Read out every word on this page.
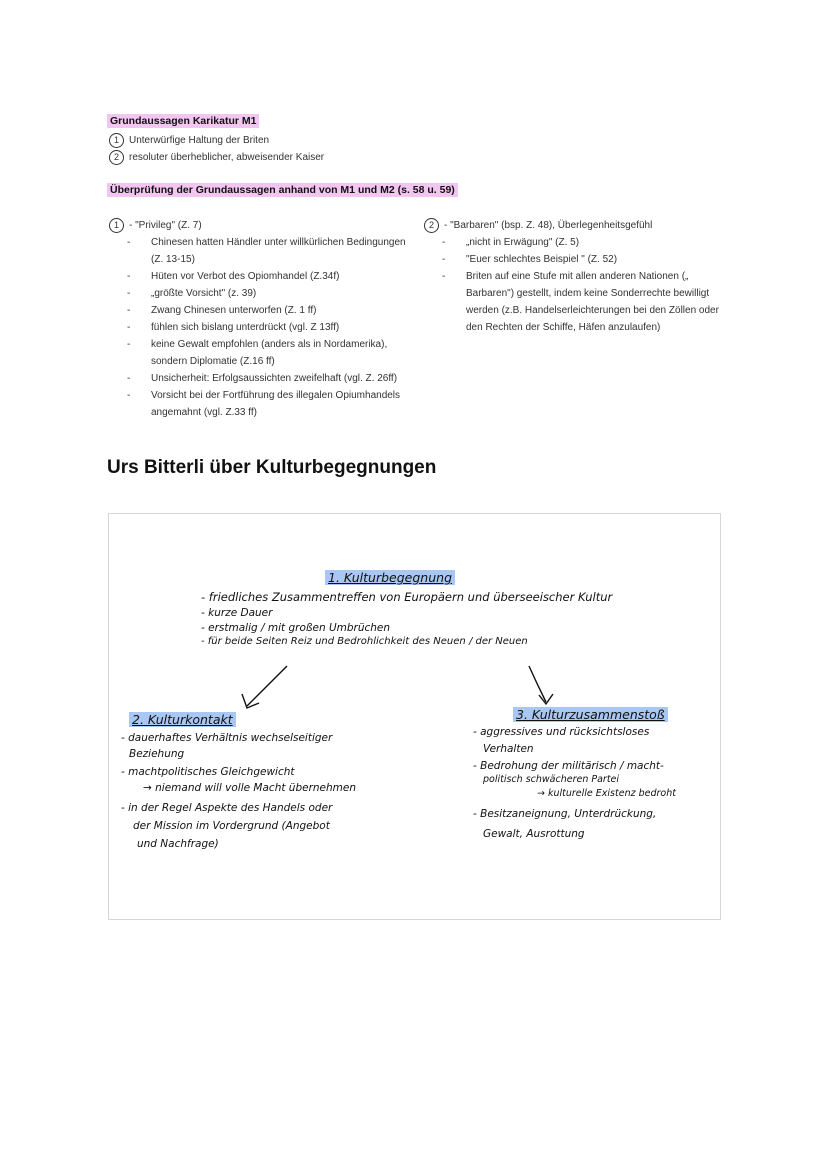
Grundaussagen Karikatur M1
1 Unterwürfige Haltung der Briten
2 resoluter überheblicher, abweisender Kaiser
Überprüfung der Grundaussagen anhand von M1 und M2 (s. 58 u. 59)
1 - "Privileg" (Z. 7)
- Chinesen hatten Händler unter willkürlichen Bedingungen (Z. 13-15)
- Hüten vor Verbot des Opiomhandel (Z.34f)
- „größte Vorsicht" (z. 39)
- Zwang Chinesen unterworfen (Z. 1 ff)
- fühlen sich bislang unterdrückt (vgl. Z 13ff)
- keine Gewalt empfohlen (anders als in Nordamerika), sondern Diplomatie (Z.16 ff)
- Unsicherheit: Erfolgsaussichten zweifelhaft (vgl. Z. 26ff)
- Vorsicht bei der Fortführung des illegalen Opiumhandels angemahnt (vgl. Z.33 ff)
2 - "Barbaren" (bsp. Z. 48), Überlegenheitsgefühl
- „nicht in Erwägung" (Z. 5)
- "Euer schlechtes Beispiel " (Z. 52)
- Briten auf eine Stufe mit allen anderen Nationen („ Barbaren") gestellt, indem keine Sonderrechte bewilligt werden (z.B. Handelserleichterungen bei den Zöllen oder den Rechten der Schiffe, Häfen anzulaufen)
Urs Bitterli über Kulturbegegnungen
1. Kulturbegegnung
- friedliches Zusammentreffen von Europäern und überseeischer Kultur
- kurze Dauer
- erstmalig / mit großen Umbrüchen
- für beide Seiten Reiz und Bedrohlichkeit des Neuen / der Neuen
2. Kulturkontakt
- dauerhaftes Verhältnis wechselseitiger
Beziehung
- machtpolitisches Gleichgewicht
→ niemand will volle Macht übernehmen
- in der Regel Aspekte des Handels oder
der Mission im Vordergrund (Angebot
und Nachfrage)
3. Kulturzusammenstoß
- aggressives und rücksichtsloses
Verhalten
- Bedrohung der militärisch / macht-
politisch schwächeren Partei
→ kulturelle Existenz bedroht
- Besitzaneignung, Unterdrückung,
Gewalt, Ausrottung
